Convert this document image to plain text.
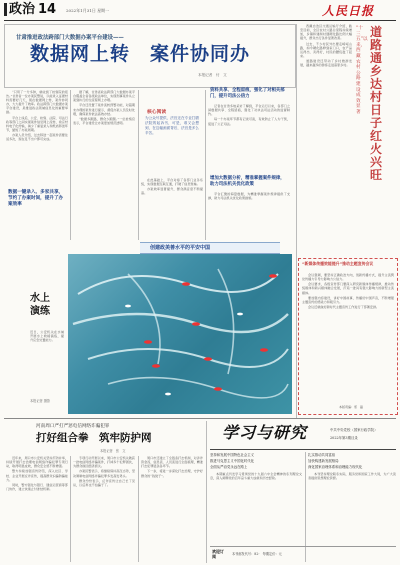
政治 14 2022年1月31日 星期一	人民日报
甘肃推进政法跨部门大数据办案平台建设——
数据网上转　案件协同办
本报记者　付　文

“只用了一分多钟，就收到了检察院的报告。”甘肃省一位办案民警说，以前录入证据材料需要好几天，现在数据网上转，案件协同办，大大提升了效率。政法跨部门大数据办案平台建设，是推进政法领域信息化的重要举措。

平台上线后，公安、检察、法院、司法行政等部门之间实现案件信息网上流转，卷宗材料电子化传输，减少了重复录入和纸质移送环节，缩短了办案周期。

办案人员介绍，过去移送一起案件需要往返多次，现在足不出户即可完成。

数据一键录入、多家共享，节约了办案时间，提升了办案效率

据了解，甘肃省政法跨部门大数据办案平台覆盖全省各级政法单位，实现刑事案件从立案到执行的全流程网上办理。

平台还设置了案件流转预警功能，对超期未办理的案件进行提示，督促办案人员及时处理，确保案件依法高效办结。

“数据多跑路，群众少跑腿。”一位检察官表示，平台建设让办案更加规范透明。

核心阅读
为公众号提供，法官还在专业打磨法院的起诉书，可是，谁又会想到，在这幅画面背后，法官是多么辛苦。

在此基础上，平台对接了各部门业务系统，实现数据互联互通，打破了信息壁垒。

办案效率显著提升，群众满意度不断提高。

资料共享、全程留痕，强化了对相关部门，提升司法公信力

记者在甘肃多地采访了解到，平台运行以来，各部门之间数据共享、全程留痕，强化了对执法司法活动的监督制约。

每一个办案环节都有记录可查，有效防止了人为干预，促进了公正司法。

增加大数据分析，精准掌握案件规律，助力司法机关优化政策

平台汇聚的海量数据，为精准掌握案件规律提供了支撑，助力司法机关优化政策措施。

创建政美善水平的平安中国
水上
演练
近日，公安机关在水域开展水上救援演练，提升应急处置能力。
本报记者 摄影

西藏自治区交通运输厅介绍，截至目前，全区农村公路总里程持续增加，乡镇和建制村通硬化路比例大幅提升，群众出行条件显著改善。

过去，不少村民外出要走崎岖山路，如今硬化路修到家门口，农产品运得出、卖得好，村民的腰包鼓了起来。

道路建设还带动了乡村旅游发展，越来越多的游客走进高原乡村。

“十三五”以来，西藏农村公路建设成效显著
道路通乡达村　日子红火兴旺
“新媒体传播效能提升”推动主题宣传会议

会议强调，要坚持正确政治方向，创新传播方式，提升主流舆论传播力引导力影响力公信力。

会议要求，各级宣传部门要深入研究新媒体传播规律，推动传统媒体和新兴媒体融合发展，打造一批具有强大影响力的新型主流媒体。

要加强内容建设，讲好中国故事，传播好中国声音，不断增强主题宣传的感染力和吸引力。

会议还就做好新时代主题宣传工作进行了部署安排。

本版责编：邢　磊
河南周口严打严惩电信网络诈骗犯罪
打好组合拳　筑牢防护网
本报记者　张　文

近年来，周口市公安机关坚持打防并举，持续开展打击治理电信网络诈骗犯罪专项行动，取得明显成效，群众安全感不断增强。

警方持续加强宣传防范，深入社区、学校、企业开展反诈宣传，提高群众识骗防骗能力。

同时，警方强化与银行、通信运营商等部门协作，建立快速止付冻结机制。

专项行动开展以来，周口市公安机关破获一批电信网络诈骗案件，打掉多个犯罪团伙，为群众挽回经济损失。

办案民警表示，将继续保持高压态势，坚决遏制电信网络诈骗犯罪多发高发势头。

群众纷纷表示，反诈宣传让自己长了见识，以后再也不怕骗子了。

周口市还建立了全链条打击机制，对涉诈资金流、信息流、人员流进行全面梳理，精准打击犯罪链条各环节。

下一步，将进一步深化打击治理，守护好群众的“钱袋子”。

学习与研究	中共中央党校（国家行政学院）
2022年第3期目录
坚持和发展中国特色社会主义
推进马克思主义中国化时代化
全面从严治党永远在路上

本期重点刊发学习贯彻党的十九届六中全会精神的系列理论文章，深入阐释党的百年奋斗重大成就和历史经验。

扎实推动共同富裕
加快构建新发展格局
深化国家治理体系和治理能力现代化

本刊坚持理论联系实际，服务党和国家工作大局，为广大读者提供思想理论资源。

欢迎订阅	本刊邮发代号：82-　每期定价：元
